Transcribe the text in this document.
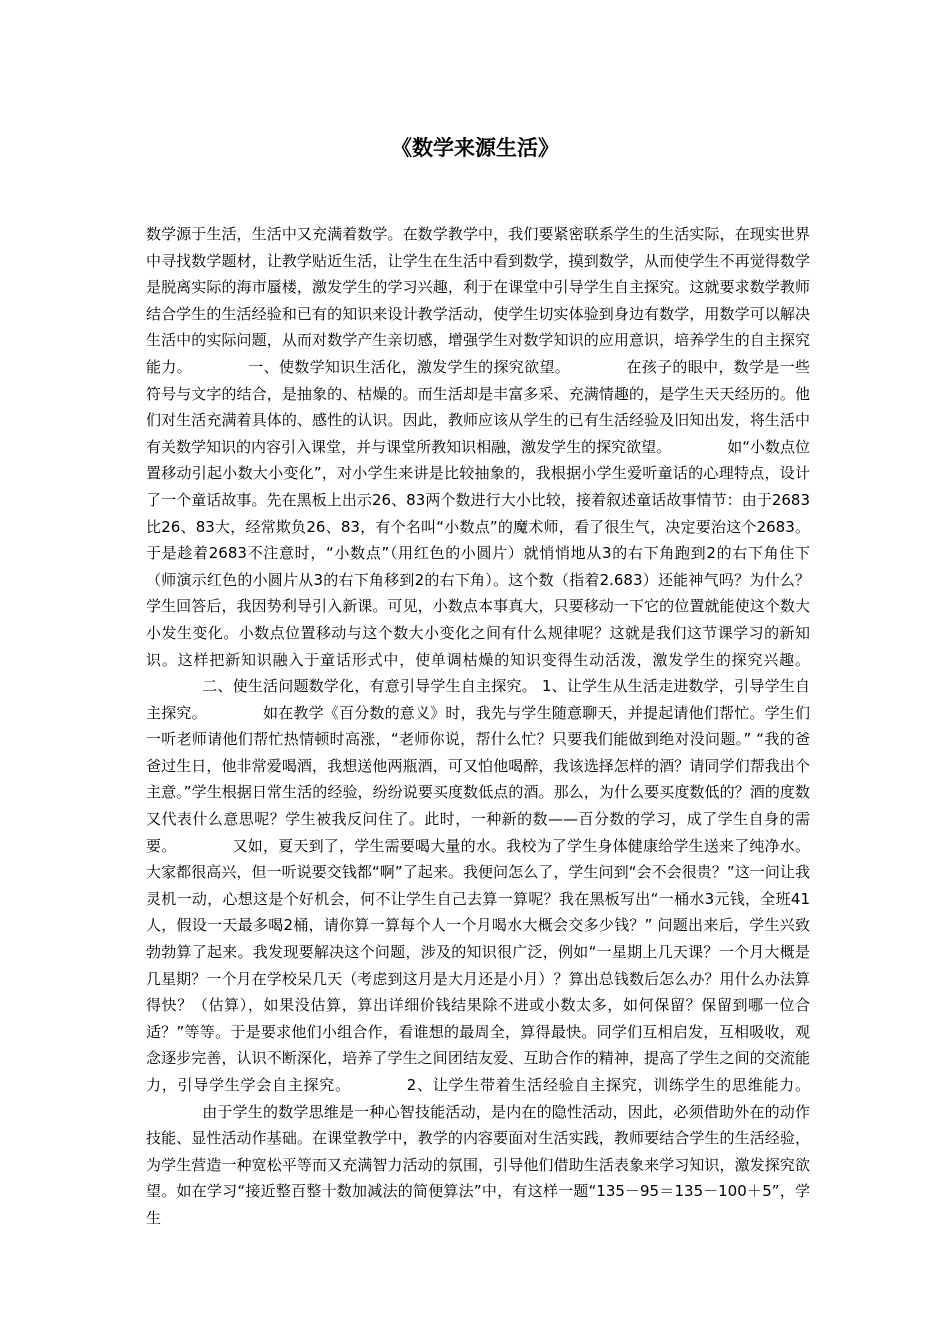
《数学来源生活》

数学源于生活，生活中又充满着数学。在数学教学中，我们要紧密联系学生的生活实际，在现实世界中寻找数学题材，让教学贴近生活，让学生在生活中看到数学，摸到数学，从而使学生不再觉得数学是脱离实际的海市蜃楼，激发学生的学习兴趣，利于在课堂中引导学生自主探究。这就要求数学教师结合学生的生活经验和已有的知识来设计教学活动，使学生切实体验到身边有数学，用数学可以解决生活中的实际问题，从而对数学产生亲切感，增强学生对数学知识的应用意识，培养学生的自主探究能力。	一、使数学知识生活化，激发学生的探究欲望。	在孩子的眼中，数学是一些符号与文字的结合，是抽象的、枯燥的。而生活却是丰富多采、充满情趣的，是学生天天经历的。他们对生活充满着具体的、感性的认识。因此，教师应该从学生的已有生活经验及旧知出发，将生活中有关数学知识的内容引入课堂，并与课堂所教知识相融，激发学生的探究欲望。	如“小数点位置移动引起小数大小变化”，对小学生来讲是比较抽象的，我根据小学生爱听童话的心理特点，设计了一个童话故事。先在黑板上出示26、83两个数进行大小比较，接着叙述童话故事情节：由于2683比26、83大，经常欺负26、83，有个名叫“小数点”的魔术师，看了很生气，决定要治这个2683。于是趁着2683不注意时，“小数点”（用红色的小圆片）就悄悄地从3的右下角跑到2的右下角住下（师演示红色的小圆片从3的右下角移到2的右下角）。这个数（指着2.683）还能神气吗？为什么？学生回答后，我因势利导引入新课。可见，小数点本事真大，只要移动一下它的位置就能使这个数大小发生变化。小数点位置移动与这个数大小变化之间有什么规律呢？这就是我们这节课学习的新知识。这样把新知识融入于童话形式中，使单调枯燥的知识变得生动活泼，激发学生的探究兴趣。二、使生活问题数学化，有意引导学生自主探究。 1、让学生从生活走进数学，引导学生自主探究。	如在教学《百分数的意义》时，我先与学生随意聊天，并提起请他们帮忙。学生们一听老师请他们帮忙热情顿时高涨，“老师你说，帮什么忙？只要我们能做到绝对没问题。” “我的爸爸过生日，他非常爱喝酒，我想送他两瓶酒，可又怕他喝醉，我该选择怎样的酒？请同学们帮我出个主意。”学生根据日常生活的经验，纷纷说要买度数低点的酒。那么，为什么要买度数低的？酒的度数又代表什么意思呢？学生被我反问住了。此时，一种新的数——百分数的学习，成了学生自身的需要。	又如，夏天到了，学生需要喝大量的水。我校为了学生身体健康给学生送来了纯净水。大家都很高兴，但一听说要交钱都“啊”了起来。我便问怎么了，学生问到“会不会很贵？”这一问让我灵机一动，心想这是个好机会，何不让学生自己去算一算呢？我在黑板写出“一桶水3元钱，全班41人，假设一天最多喝2桶，请你算一算每个人一个月喝水大概会交多少钱？” 问题出来后，学生兴致勃勃算了起来。我发现要解决这个问题，涉及的知识很广泛，例如“一星期上几天课？一个月大概是几星期？一个月在学校呆几天（考虑到这月是大月还是小月）？算出总钱数后怎么办？用什么办法算得快？（估算），如果没估算，算出详细价钱结果除不进或小数太多，如何保留？保留到哪一位合适？”等等。于是要求他们小组合作，看谁想的最周全，算得最快。同学们互相启发，互相吸收，观念逐步完善，认识不断深化，培养了学生之间团结友爱、互助合作的精神，提高了学生之间的交流能力，引导学生学会自主探究。	2、让学生带着生活经验自主探究，训练学生的思维能力。由于学生的数学思维是一种心智技能活动，是内在的隐性活动，因此，必须借助外在的动作技能、显性活动作基础。在课堂教学中，教学的内容要面对生活实践，教师要结合学生的生活经验，为学生营造一种宽松平等而又充满智力活动的氛围，引导他们借助生活表象来学习知识，激发探究欲望。如在学习“接近整百整十数加减法的简便算法”中，有这样一题“135－95＝135－100＋5”，学生
